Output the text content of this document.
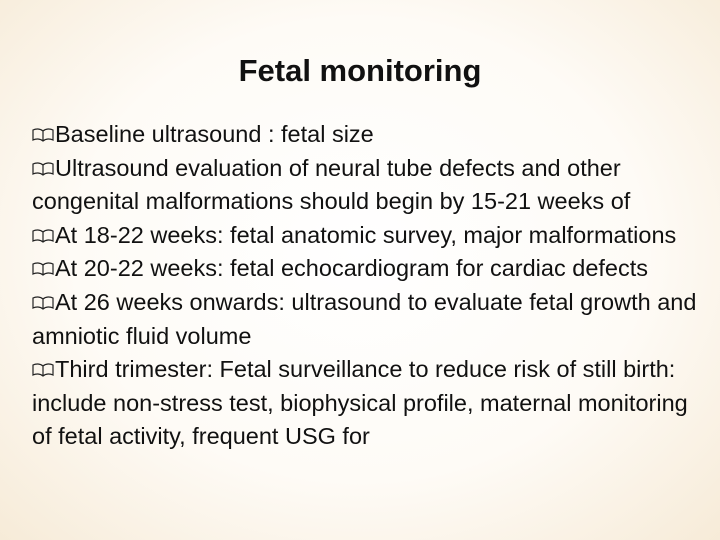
Fetal monitoring
Baseline ultrasound : fetal size
Ultrasound evaluation of neural tube defects and other congenital malformations should begin by 15-21 weeks of
At 18-22 weeks: fetal anatomic survey, major malformations
At 20-22 weeks: fetal echocardiogram for cardiac defects
At 26 weeks onwards: ultrasound to evaluate fetal growth and amniotic fluid volume
Third trimester: Fetal surveillance to reduce risk of still birth: include non-stress test, biophysical profile, maternal monitoring of fetal activity, frequent USG for
